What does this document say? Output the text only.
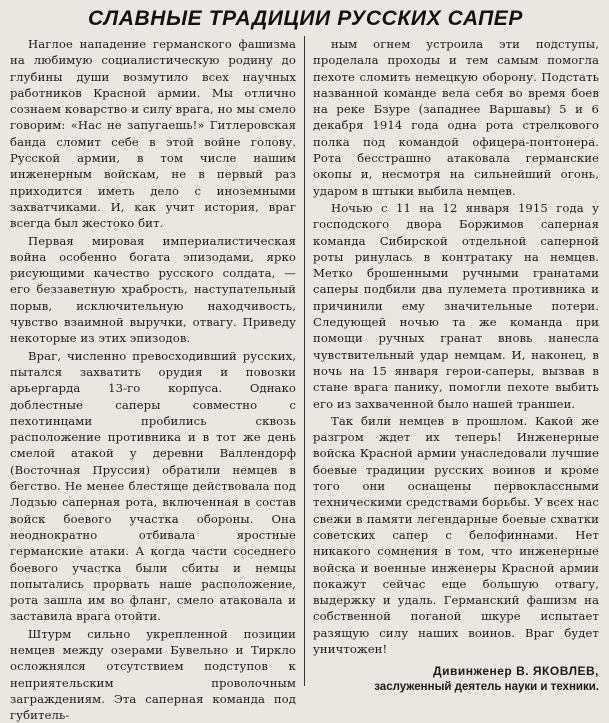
СЛАВНЫЕ ТРАДИЦИИ РУССКИХ САПЕР

Наглое нападение германского фашизма на любимую социалистическую родину до глубины души возмутило всех научных работников Красной армии. Мы отлично сознаем коварство и силу врага, но мы смело говорим: «Нас не запугаешь!» Гитлеровская банда сломит себе в этой войне голову. Русской армии, в том числе нашим инженерным войскам, не в первый раз приходится иметь дело с иноземными захватчиками. И, как учит история, враг всегда был жестоко бит.

Первая мировая империалистическая война особенно богата эпизодами, ярко рисующими качество русского солдата, — его беззаветную храбрость, наступательный порыв, исключительную находчивость, чувство взаимной выручки, отвагу. Приведу некоторые из этих эпизодов.

Враг, численно превосходивший русских, пытался захватить орудия и повозки арьергарда 13-го корпуса. Однако доблестные саперы совместно с пехотинцами пробились сквозь расположение противника и в тот же день смелой атакой у деревни Валлендорф (Восточная Пруссия) обратили немцев в бегство. Не менее блестяще действовала под Лодзью саперная рота, включенная в состав войск боевого участка обороны. Она неоднократно отбивала яростные германские атаки. А когда части соседнего боевого участка были сбиты и немцы попытались прорвать наше расположение, рота зашла им во фланг, смело атаковала и заставила врага отойти.

Штурм сильно укрепленной позиции немцев между озерами Бувельно и Тиркло осложнялся отсутствием подступов к неприятельским проволочным заграждениям. Эта саперная команда под губитель-

ным огнем устроила эти подступы, проделала проходы и тем самым помогла пехоте сломить немецкую оборону. Подстать названной команде вела себя во время боев на реке Бзуре (западнее Варшавы) 5 и 6 декабря 1914 года одна рота стрелкового полка под командой офицера-понтонера. Рота бесстрашно атаковала германские окопы и, несмотря на сильнейший огонь, ударом в штыки выбила немцев.

Ночью с 11 на 12 января 1915 года у господского двора Боржимов саперная команда Сибирской отдельной саперной роты ринулась в контратаку на немцев. Метко брошенными ручными гранатами саперы подбили два пулемета противника и причинили ему значительные потери. Следующей ночью та же команда при помощи ручных гранат вновь нанесла чувствительный удар немцам. И, наконец, в ночь на 15 января герои-саперы, вызвав в стане врага панику, помогли пехоте выбить его из захваченной было нашей траншеи.

Так били немцев в прошлом. Какой же разгром ждет их теперь! Инженерные войска Красной армии унаследовали лучшие боевые традиции русских воинов и кроме того они оснащены первоклассными техническими средствами борьбы. У всех нас свежи в памяти легендарные боевые схватки советских сапер с белофиннами. Нет никакого сомнения в том, что инженерные войска и военные инженеры Красной армии покажут сейчас еще большую отвагу, выдержку и удаль. Германский фашизм на собственной поганой шкуре испытает разящую силу наших воинов. Враг будет уничтожен!

Дивинженер В. ЯКОВЛЕВ,
заслуженный деятель науки и техники.
